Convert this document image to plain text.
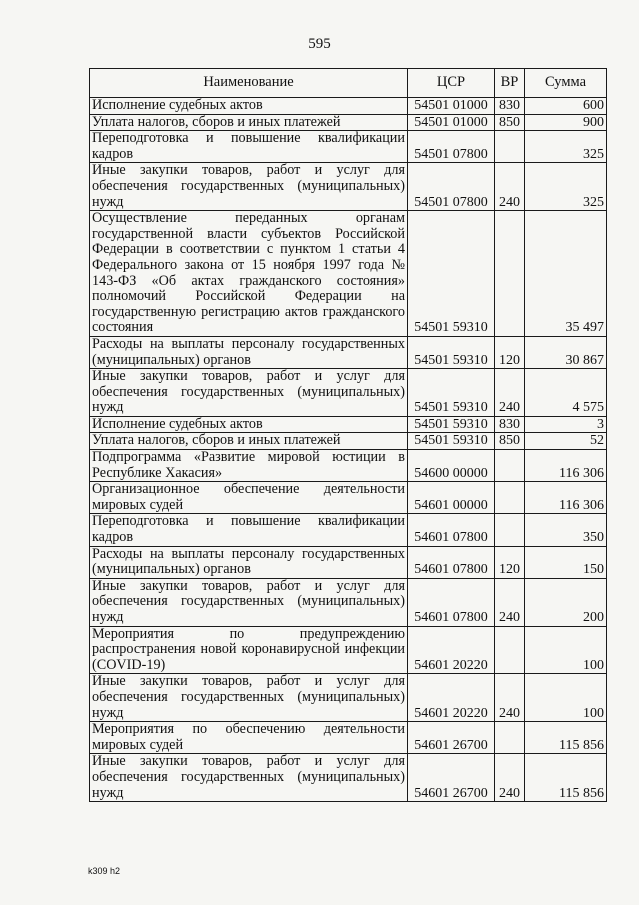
595
Наименование	ЦСР	ВР	Сумма
Исполнение судебных актов	54501 01000	830	600
Уплата налогов, сборов и иных платежей	54501 01000	850	900
Переподготовка и повышение квалификации кадров	54501 07800		325
Иные закупки товаров, работ и услуг для обеспечения государственных (муниципальных) нужд	54501 07800	240	325
Осуществление переданных органам государственной власти субъектов Российской Федерации в соответствии с пунктом 1 статьи 4 Федерального закона от 15 ноября 1997 года № 143-ФЗ «Об актах гражданского состояния» полномочий Российской Федерации на государственную регистрацию актов гражданского состояния	54501 59310		35 497
Расходы на выплаты персоналу государственных (муниципальных) органов	54501 59310	120	30 867
Иные закупки товаров, работ и услуг для обеспечения государственных (муниципальных) нужд	54501 59310	240	4 575
Исполнение судебных актов	54501 59310	830	3
Уплата налогов, сборов и иных платежей	54501 59310	850	52
Подпрограмма «Развитие мировой юстиции в Республике Хакасия»	54600 00000		116 306
Организационное обеспечение деятельности мировых судей	54601 00000		116 306
Переподготовка и повышение квалификации кадров	54601 07800		350
Расходы на выплаты персоналу государственных (муниципальных) органов	54601 07800	120	150
Иные закупки товаров, работ и услуг для обеспечения государственных (муниципальных) нужд	54601 07800	240	200
Мероприятия по предупреждению распространения новой коронавирусной инфекции (COVID-19)	54601 20220		100
Иные закупки товаров, работ и услуг для обеспечения государственных (муниципальных) нужд	54601 20220	240	100
Мероприятия по обеспечению деятельности мировых судей	54601 26700		115 856
Иные закупки товаров, работ и услуг для обеспечения государственных (муниципальных) нужд	54601 26700	240	115 856
k309 h2
